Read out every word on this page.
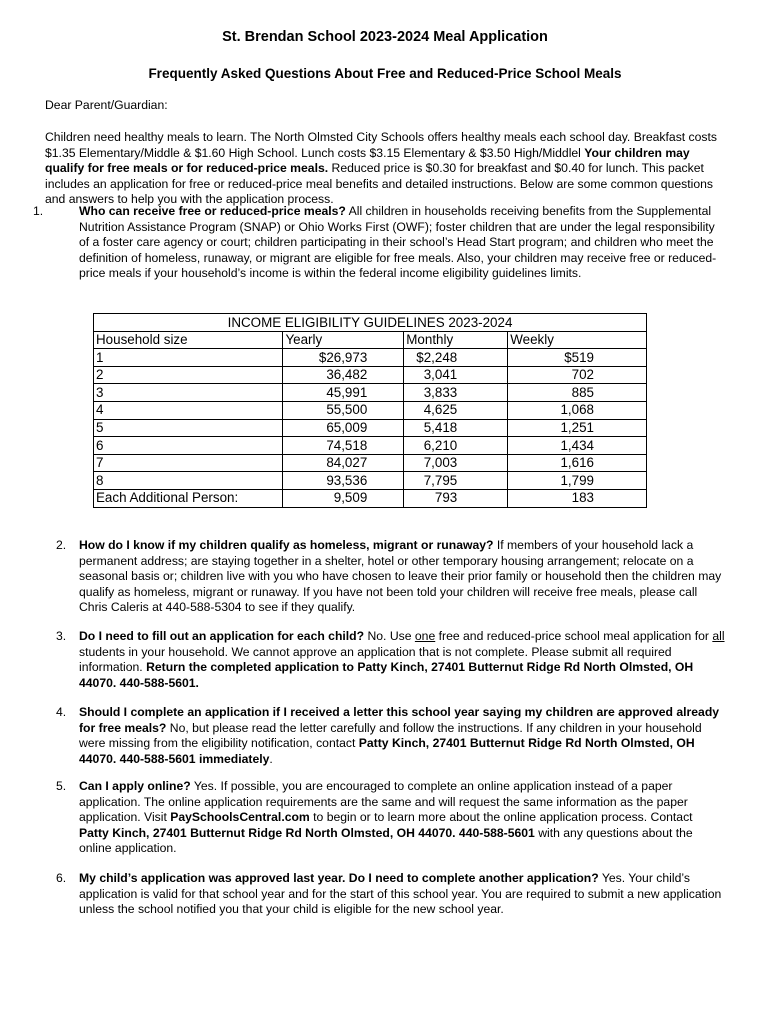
St. Brendan School 2023-2024 Meal Application
Frequently Asked Questions About Free and Reduced-Price School Meals
Dear Parent/Guardian:
Children need healthy meals to learn. The North Olmsted City Schools offers healthy meals each school day. Breakfast costs $1.35 Elementary/Middle & $1.60 High School. Lunch costs $3.15 Elementary & $3.50 High/Middlel Your children may qualify for free meals or for reduced-price meals. Reduced price is $0.30 for breakfast and $0.40 for lunch. This packet includes an application for free or reduced-price meal benefits and detailed instructions. Below are some common questions and answers to help you with the application process.
1.	Who can receive free or reduced-price meals? All children in households receiving benefits from the Supplemental Nutrition Assistance Program (SNAP) or Ohio Works First (OWF); foster children that are under the legal responsibility of a foster care agency or court; children participating in their school’s Head Start program; and children who meet the definition of homeless, runaway, or migrant are eligible for free meals. Also, your children may receive free or reduced-price meals if your household’s income is within the federal income eligibility guidelines limits.
2. How do I know if my children qualify as homeless, migrant or runaway? If members of your household lack a permanent address; are staying together in a shelter, hotel or other temporary housing arrangement; relocate on a seasonal basis or; children live with you who have chosen to leave their prior family or household then the children may qualify as homeless, migrant or runaway. If you have not been told your children will receive free meals, please call Chris Caleris at 440-588-5304 to see if they qualify.
3. Do I need to fill out an application for each child? No. Use one free and reduced-price school meal application for all students in your household. We cannot approve an application that is not complete. Please submit all required information. Return the completed application to Patty Kinch, 27401 Butternut Ridge Rd North Olmsted, OH 44070. 440-588-5601.
4. Should I complete an application if I received a letter this school year saying my children are approved already for free meals? No, but please read the letter carefully and follow the instructions. If any children in your household were missing from the eligibility notification, contact Patty Kinch, 27401 Butternut Ridge Rd North Olmsted, OH 44070. 440-588-5601 immediately.
5. Can I apply online? Yes. If possible, you are encouraged to complete an online application instead of a paper application. The online application requirements are the same and will request the same information as the paper application. Visit PaySchoolsCentral.com to begin or to learn more about the online application process. Contact Patty Kinch, 27401 Butternut Ridge Rd North Olmsted, OH 44070. 440-588-5601 with any questions about the online application.
6. My child’s application was approved last year. Do I need to complete another application? Yes. Your child’s application is valid for that school year and for the start of this school year. You are required to submit a new application unless the school notified you that your child is eligible for the new school year.
INCOME ELIGIBILITY GUIDELINES 2023-2024			
Household size	Yearly	Monthly	Weekly
1	$26,973	$2,248	$519
2	36,482	3,041	702
3	45,991	3,833	885
4	55,500	4,625	1,068
5	65,009	5,418	1,251
6	74,518	6,210	1,434
7	84,027	7,003	1,616
8	93,536	7,795	1,799
Each Additional Person:	9,509	793	183
